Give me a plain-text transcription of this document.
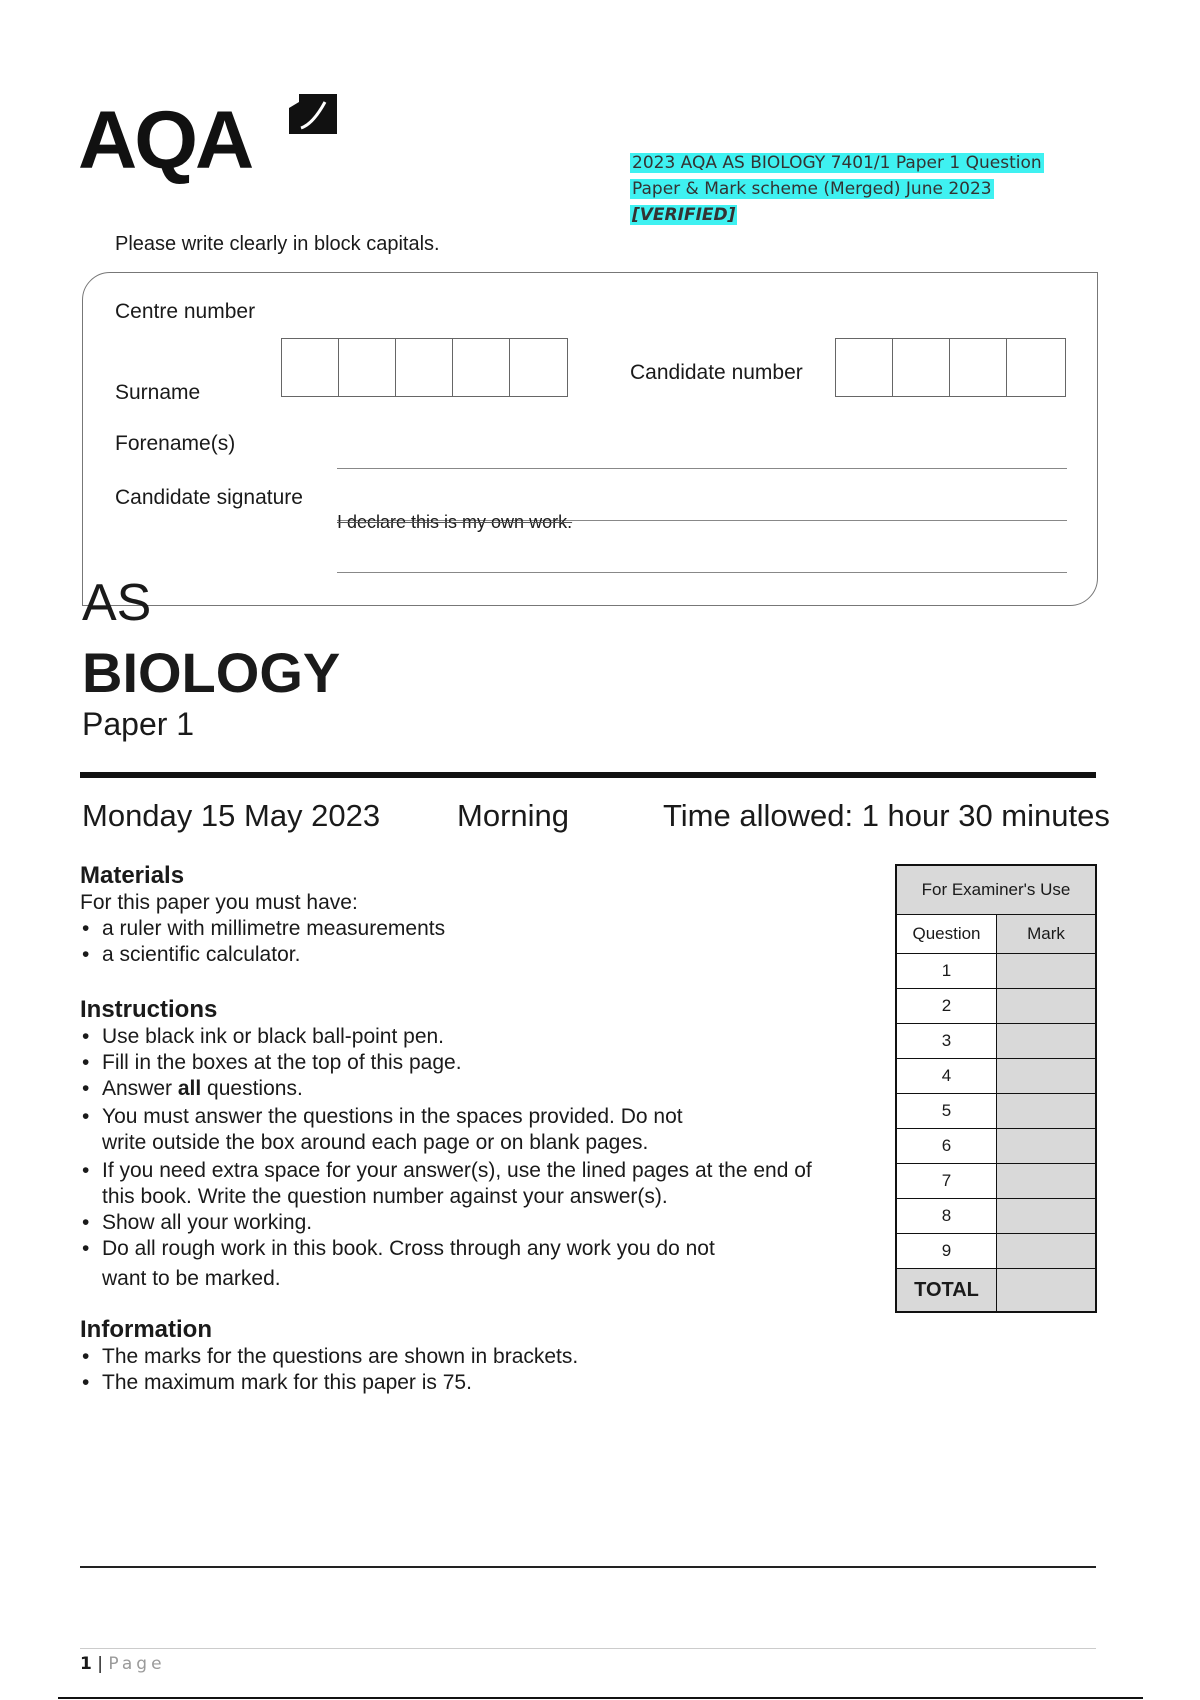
AQA	2023 AQA AS BIOLOGY 7401/1 Paper 1 Question
Paper & Mark scheme (Merged) June 2023
[VERIFIED]
Please write clearly in block capitals.
Centre number
Candidate number
Surname
Forename(s)
Candidate signature
I declare this is my own work.
AS
BIOLOGY
Paper 1
Monday 15 May 2023 Morning	Time allowed: 1 hour 30 minutes
Materials
For this paper you must have:
• a ruler with millimetre measurements
• a scientific calculator.
Instructions
• Use black ink or black ball-point pen.
• Fill in the boxes at the top of this page.
• Answer all questions.
• You must answer the questions in the spaces provided. Do not
write outside the box around each page or on blank pages.
• If you need extra space for your answer(s), use the lined pages at the end of
this book. Write the question number against your answer(s).
• Show all your working.
• Do all rough work in this book. Cross through any work you do not
want to be marked.
Information
• The marks for the questions are shown in brackets.
• The maximum mark for this paper is 75.
For Examiner's Use
Question	Mark
1
2
3
4
5
6
7
8
9
TOTAL
1 | Page
